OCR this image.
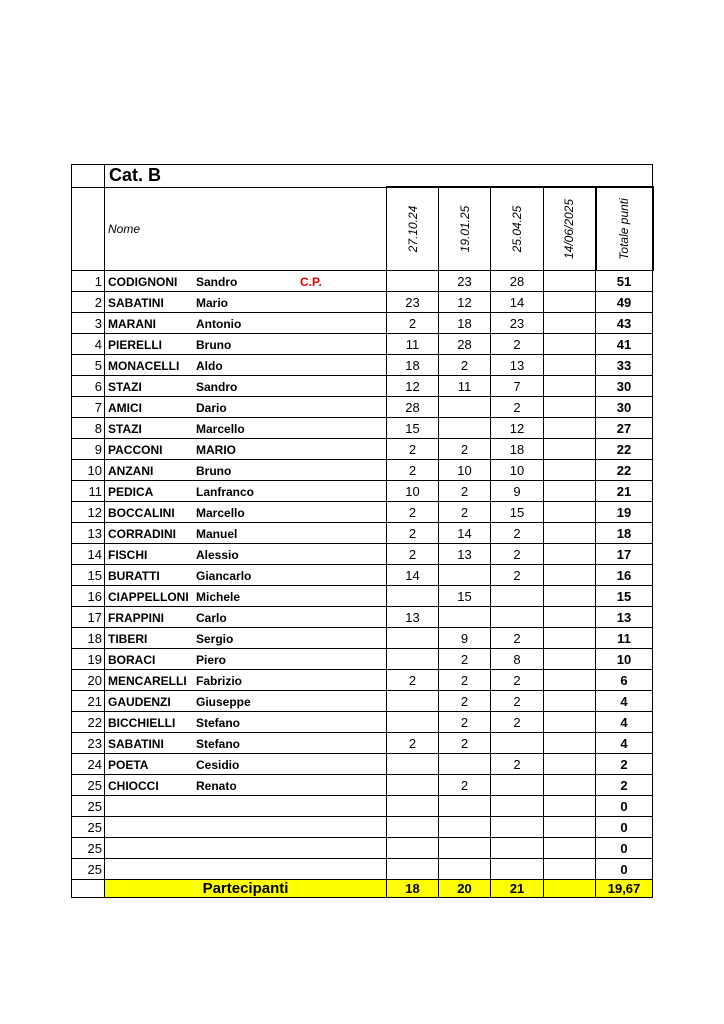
	Cat. B					
	Nome	27.10.24	19.01.25	25.04.25	14/06/2025	Totale punti

1	CODIGNONI Sandro C.P.		23	28		51
2	SABATINI Mario	23	12	14		49
3	MARANI Antonio	2	18	23		43
4	PIERELLI Bruno	11	28	2		41
5	MONACELLI Aldo	18	2	13		33
6	STAZI Sandro	12	11	7		30
7	AMICI Dario	28		2		30
8	STAZI Marcello	15		12		27
9	PACCONI MARIO	2	2	18		22
10	ANZANI Bruno	2	10	10		22
11	PEDICA Lanfranco	10	2	9		21
12	BOCCALINI Marcello	2	2	15		19
13	CORRADINI Manuel	2	14	2		18
14	FISCHI Alessio	2	13	2		17
15	BURATTI Giancarlo	14		2		16
16	CIAPPELLONI Michele		15			15
17	FRAPPINI Carlo	13				13
18	TIBERI Sergio		9	2		11
19	BORACI Piero		2	8		10
20	MENCARELLI Fabrizio	2	2	2		6
21	GAUDENZI Giuseppe		2	2		4
22	BICCHIELLI Stefano		2	2		4
23	SABATINI Stefano	2	2			4
24	POETA Cesidio			2		2
25	CHIOCCI Renato		2			2
25						0
25						0
25						0
25						0
	Partecipanti	18	20	21		19,67
